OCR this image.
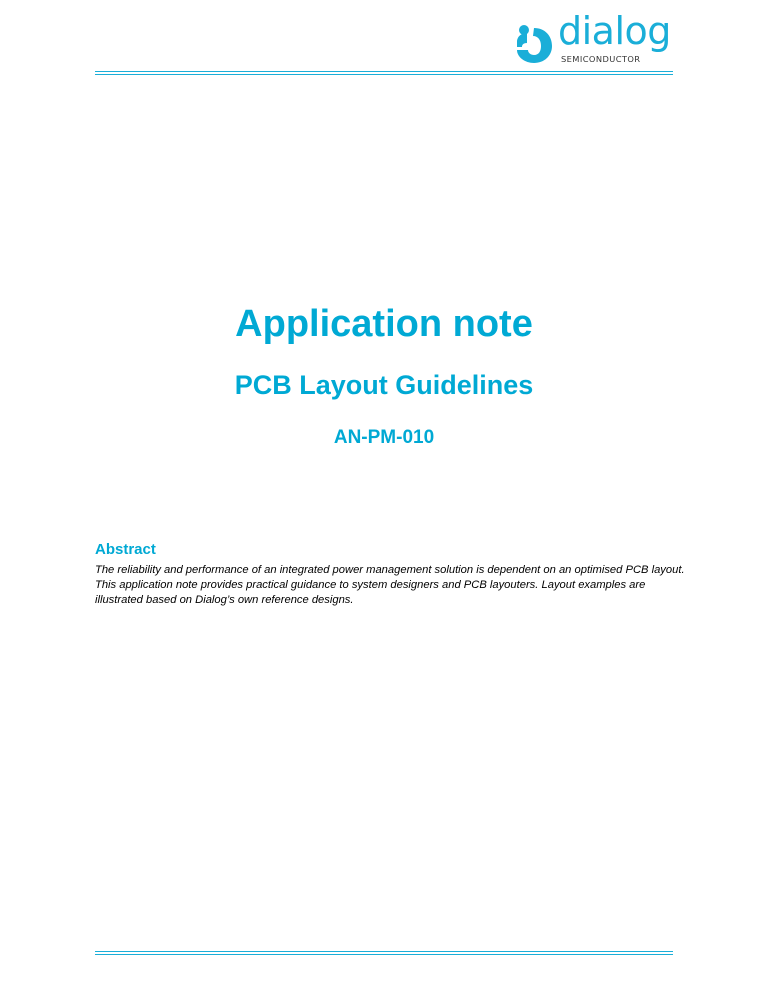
dialog
SEMICONDUCTOR
Application note
PCB Layout Guidelines
AN-PM-010
Abstract

The reliability and performance of an integrated power management solution is dependent on an optimised PCB layout. This application note provides practical guidance to system designers and PCB layouters. Layout examples are illustrated based on Dialog’s own reference designs.
